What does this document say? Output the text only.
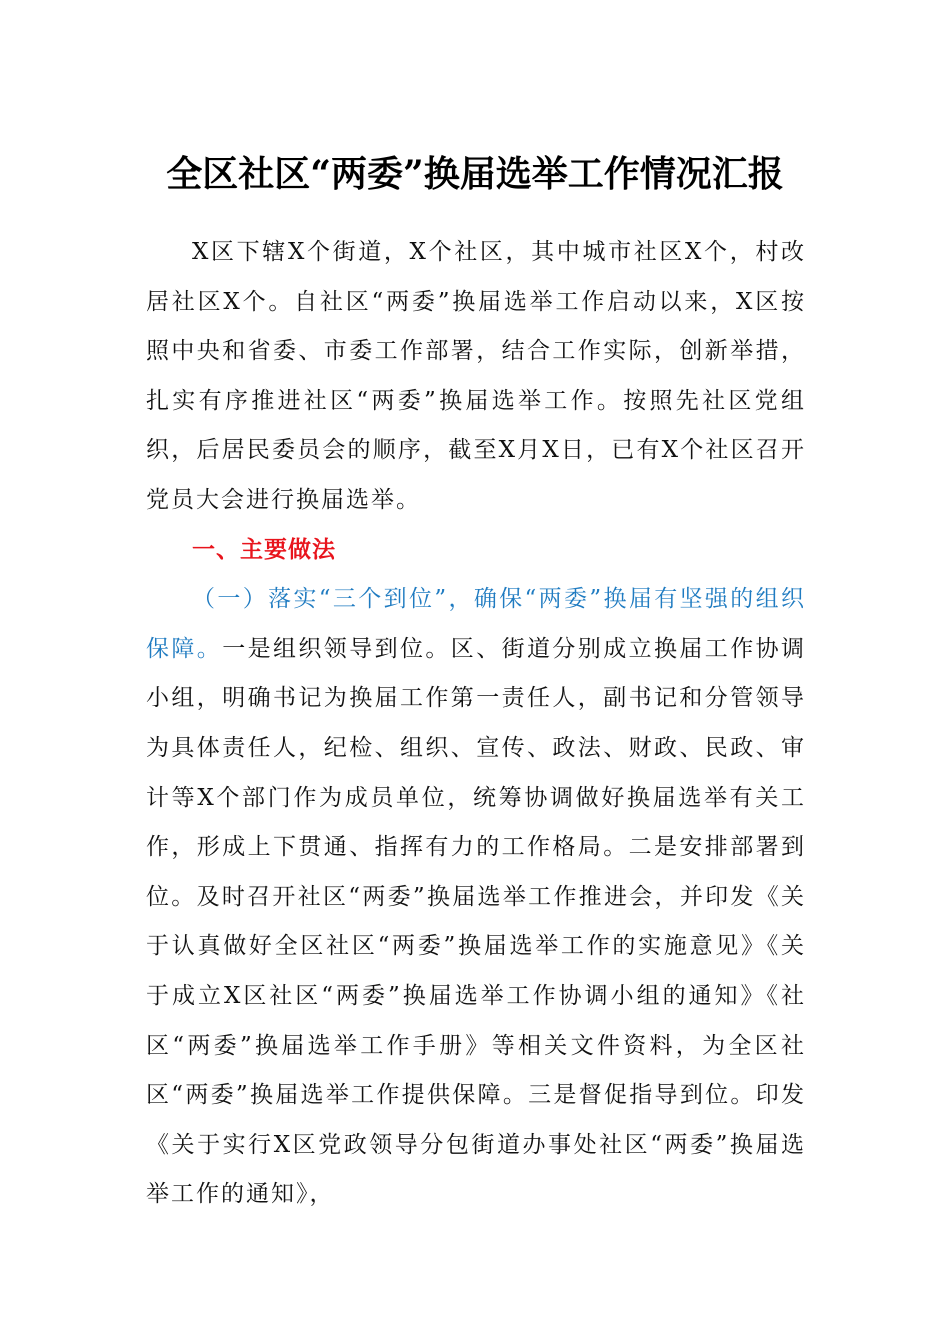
全区社区“两委”换届选举工作情况汇报

X区下辖X个街道，X个社区，其中城市社区X个，村改居社区X个。自社区“两委”换届选举工作启动以来，X区按照中央和省委、市委工作部署，结合工作实际，创新举措，扎实有序推进社区“两委”换届选举工作。按照先社区党组织，后居民委员会的顺序，截至X月X日，已有X个社区召开党员大会进行换届选举。

一、主要做法

（一）落实“三个到位”，确保“两委”换届有坚强的组织保障。一是组织领导到位。区、街道分别成立换届工作协调小组，明确书记为换届工作第一责任人，副书记和分管领导为具体责任人，纪检、组织、宣传、政法、财政、民政、审计等X个部门作为成员单位，统筹协调做好换届选举有关工作，形成上下贯通、指挥有力的工作格局。二是安排部署到位。及时召开社区“两委”换届选举工作推进会，并印发《关于认真做好全区社区“两委”换届选举工作的实施意见》《关于成立X区社区“两委”换届选举工作协调小组的通知》《社区“两委”换届选举工作手册》等相关文件资料，为全区社区“两委”换届选举工作提供保障。三是督促指导到位。印发《关于实行X区党政领导分包街道办事处社区“两委”换届选举工作的通知》，
